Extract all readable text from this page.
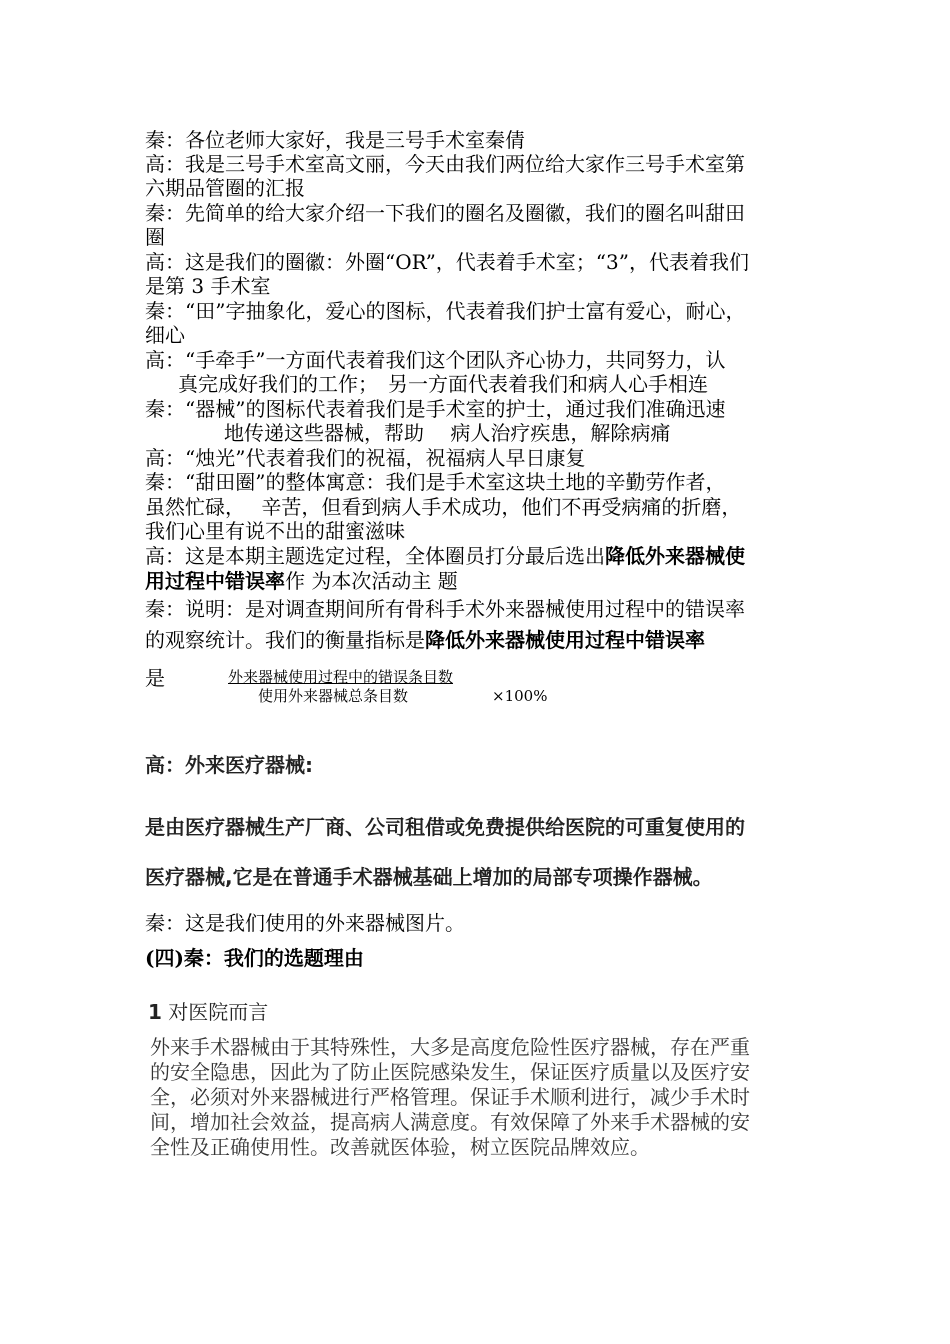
秦：各位老师大家好，我是三号手术室秦倩
高：我是三号手术室高文丽，今天由我们两位给大家作三号手术室第
六期品管圈的汇报
秦：先简单的给大家介绍一下我们的圈名及圈徽，我们的圈名叫甜田
圈
高：这是我们的圈徽：外圈“OR”，代表着手术室；“3”，代表着我们
是第 3 手术室
秦：“田”字抽象化，爱心的图标，代表着我们护士富有爱心，耐心，
细心
高：“手牵手”一方面代表着我们这个团队齐心协力，共同努力，认
真完成好我们的工作；　另一方面代表着我们和病人心手相连
秦：“器械”的图标代表着我们是手术室的护士，通过我们准确迅速
地传递这些器械，帮助　 病人治疗疾患，解除病痛
高：“烛光”代表着我们的祝福，祝福病人早日康复
秦：“甜田圈”的整体寓意：我们是手术室这块土地的辛勤劳作者，
虽然忙碌，　 辛苦，但看到病人手术成功，他们不再受病痛的折磨，
我们心里有说不出的甜蜜滋味
高：这是本期主题选定过程，全体圈员打分最后选出降低外来器械使
用过程中错误率作 为本次活动主 题
秦：说明：是对调查期间所有骨科手术外来器械使用过程中的错误率
的观察统计。我们的衡量指标是降低外来器械使用过程中错误率
是	外来器械使用过程中的错误条目数
使用外来器械总条目数	×100%
高：外来医疗器械:
是由医疗器械生产厂商、公司租借或免费提供给医院的可重复使用的
医疗器械,它是在普通手术器械基础上增加的局部专项操作器械。
秦：这是我们使用的外来器械图片。
(四)秦：我们的选题理由
1 对医院而言
外来手术器械由于其特殊性，大多是高度危险性医疗器械，存在严重
的安全隐患，因此为了防止医院感染发生，保证医疗质量以及医疗安
全，必须对外来器械进行严格管理。保证手术顺利进行，减少手术时
间，增加社会效益，提高病人满意度。有效保障了外来手术器械的安
全性及正确使用性。改善就医体验，树立医院品牌效应。
